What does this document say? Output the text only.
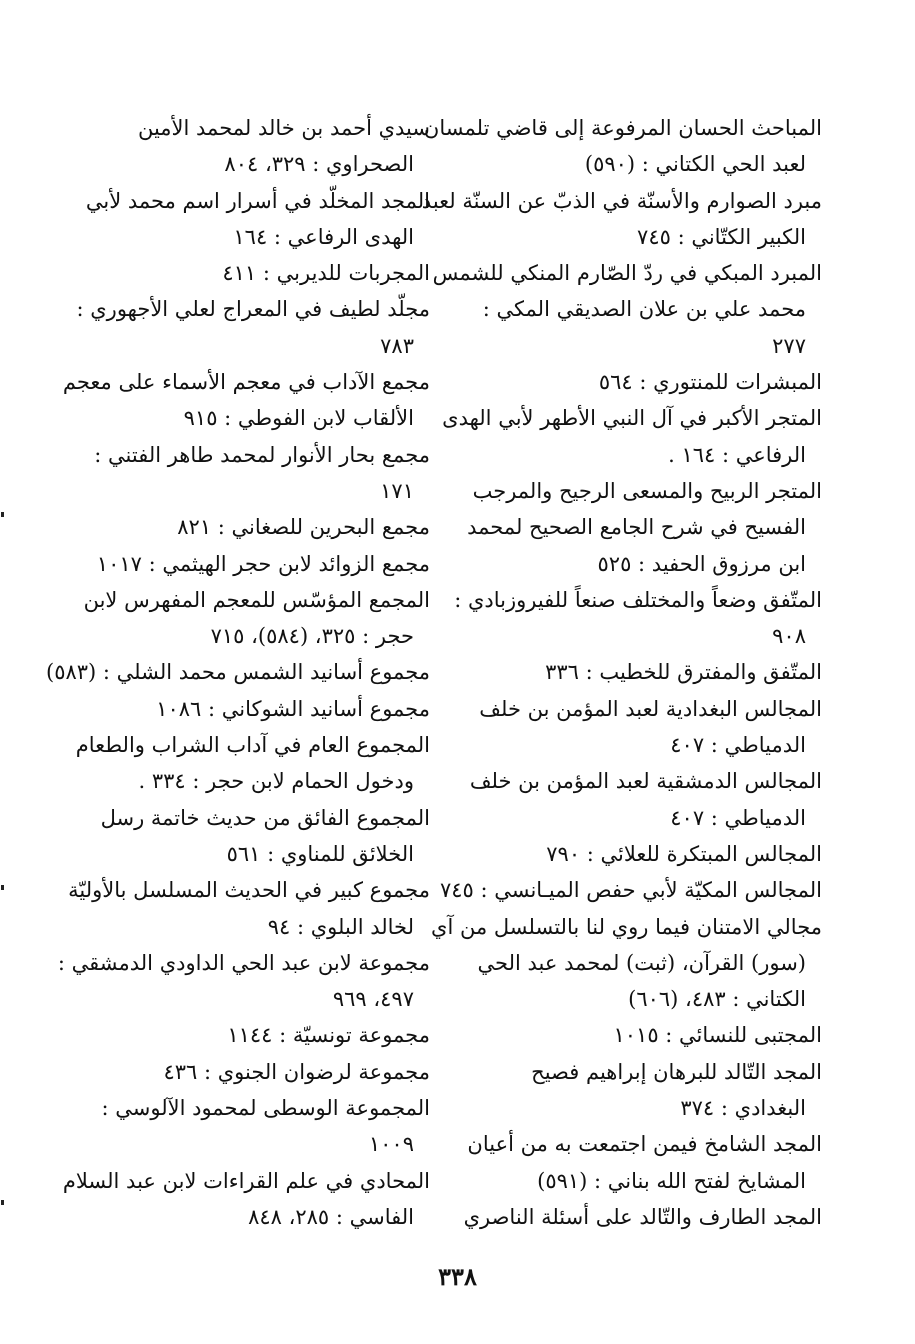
المباحث الحسان المرفوعة إلى قاضي تلمسان
لعبد الحي الكتاني : (٥٩٠)
مبرد الصوارم والأسنّة في الذبّ عن السنّة لعبد
الكبير الكتّاني : ٧٤٥
المبرد المبكي في ردّ الصّارم المنكي للشمس
محمد علي بن علان الصديقي المكي :
٢٧٧
المبشرات للمنتوري : ٥٦٤
المتجر الأكبر في آل النبي الأطهر لأبي الهدى
الرفاعي : ١٦٤ .
المتجر الربيح والمسعى الرجيح والمرجب
الفسيح في شرح الجامع الصحيح لمحمد
ابن مرزوق الحفيد : ٥٢٥
المتّفق وضعاً والمختلف صنعاً للفيروزبادي :
٩٠٨
المتّفق والمفترق للخطيب : ٣٣٦
المجالس البغدادية لعبد المؤمن بن خلف
الدمياطي : ٤٠٧
المجالس الدمشقية لعبد المؤمن بن خلف
الدمياطي : ٤٠٧
المجالس المبتكرة للعلائي : ٧٩٠
المجالس المكيّة لأبي حفص الميـانسي : ٧٤٥
مجالي الامتنان فيما روي لنا بالتسلسل من آي
(سور) القرآن، (ثبت) لمحمد عبد الحي
الكتاني : ٤٨٣، (٦٠٦)
المجتبى للنسائي : ١٠١٥
المجد التّالد للبرهان إبراهيم فصيح
البغدادي : ٣٧٤
المجد الشامخ فيمن اجتمعت به من أعيان
المشايخ لفتح الله بناني : (٥٩١)
المجد الطارف والتّالد على أسئلة الناصري
سيدي أحمد بن خالد لمحمد الأمين
الصحراوي : ٣٢٩، ٨٠٤
المجد المخلّد في أسرار اسم محمد لأبي
الهدى الرفاعي : ١٦٤
المجربات للديربي : ٤١١
مجلّد لطيف في المعراج لعلي الأجهوري :
٧٨٣
مجمع الآداب في معجم الأسماء على معجم
الألقاب لابن الفوطي : ٩١٥
مجمع بحار الأنوار لمحمد طاهر الفتني :
١٧١
مجمع البحرين للصغاني : ٨٢١
مجمع الزوائد لابن حجر الهيثمي : ١٠١٧
المجمع المؤسّس للمعجم المفهرس لابن
حجر : ٣٢٥، (٥٨٤)، ٧١٥
مجموع أسانيد الشمس محمد الشلي : (٥٨٣)
مجموع أسانيد الشوكاني : ١٠٨٦
المجموع العام في آداب الشراب والطعام
ودخول الحمام لابن حجر : ٣٣٤ .
المجموع الفائق من حديث خاتمة رسل
الخلائق للمناوي : ٥٦١
مجموع كبير في الحديث المسلسل بالأوليّة
لخالد البلوي : ٩٤
مجموعة لابن عبد الحي الداودي الدمشقي :
٤٩٧، ٩٦٩
مجموعة تونسيّة : ١١٤٤
مجموعة لرضوان الجنوي : ٤٣٦
المجموعة الوسطى لمحمود الآلوسي :
١٠٠٩
المحادي في علم القراءات لابن عبد السلام
الفاسي : ٢٨٥، ٨٤٨
٣٣٨
